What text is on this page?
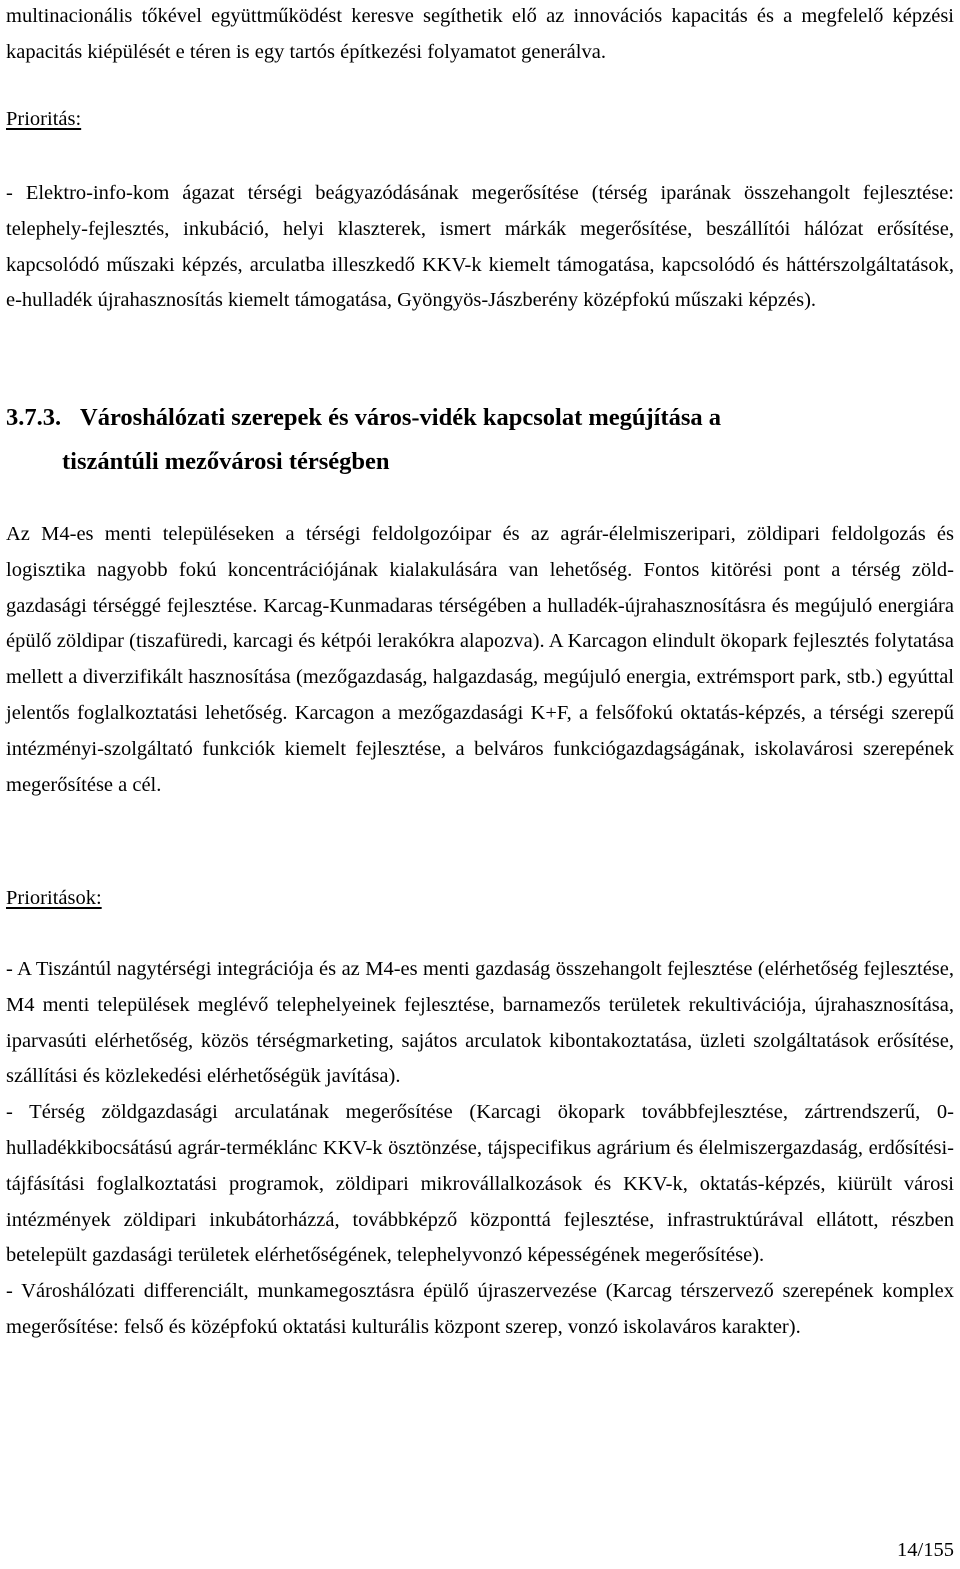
multinacionális tőkével együttműködést keresve segíthetik elő az innovációs kapacitás és a megfelelő képzési kapacitás kiépülését e téren is egy tartós építkezési folyamatot generálva.

Prioritás:

- Elektro-info-kom ágazat térségi beágyazódásának megerősítése (térség iparának összehangolt fejlesztése: telephely-fejlesztés, inkubáció, helyi klaszterek, ismert márkák megerősítése, beszállítói hálózat erősítése, kapcsolódó műszaki képzés, arculatba illeszkedő KKV-k kiemelt támogatása, kapcsolódó és háttérszolgáltatások, e-hulladék újrahasznosítás kiemelt támogatása, Gyöngyös-Jászberény középfokú műszaki képzés).

3.7.3. Városhálózati szerepek és város-vidék kapcsolat megújítása a
tiszántúli mezővárosi térségben

Az M4-es menti településeken a térségi feldolgozóipar és az agrár-élelmiszeripari, zöldipari feldolgozás és logisztika nagyobb fokú koncentrációjának kialakulására van lehetőség. Fontos kitörési pont a térség zöld-gazdasági térséggé fejlesztése. Karcag-Kunmadaras térségében a hulladék-újrahasznosításra és megújuló energiára épülő zöldipar (tiszafüredi, karcagi és kétpói lerakókra alapozva). A Karcagon elindult ökopark fejlesztés folytatása mellett a diverzifikált hasznosítása (mezőgazdaság, halgazdaság, megújuló energia, extrémsport park, stb.) egyúttal jelentős foglalkoztatási lehetőség. Karcagon a mezőgazdasági K+F, a felsőfokú oktatás-képzés, a térségi szerepű intézményi-szolgáltató funkciók kiemelt fejlesztése, a belváros funkciógazdagságának, iskolavárosi szerepének megerősítése a cél.

Prioritások:

- A Tiszántúl nagytérségi integrációja és az M4-es menti gazdaság összehangolt fejlesztése (elérhetőség fejlesztése, M4 menti települések meglévő telephelyeinek fejlesztése, barnamezős területek rekultivációja, újrahasznosítása, iparvasúti elérhetőség, közös térségmarketing, sajátos arculatok kibontakoztatása, üzleti szolgáltatások erősítése, szállítási és közlekedési elérhetőségük javítása).

- Térség zöldgazdasági arculatának megerősítése (Karcagi ökopark továbbfejlesztése, zártrendszerű, 0-hulladékkibocsátású agrár-terméklánc KKV-k ösztönzése, tájspecifikus agrárium és élelmiszergazdaság, erdősítési-tájfásítási foglalkoztatási programok, zöldipari mikrovállalkozások és KKV-k, oktatás-képzés, kiürült városi intézmények zöldipari inkubátorházzá, továbbképző központtá fejlesztése, infrastruktúrával ellátott, részben betelepült gazdasági területek elérhetőségének, telephelyvonzó képességének megerősítése).

- Városhálózati differenciált, munkamegosztásra épülő újraszervezése (Karcag térszervező szerepének komplex megerősítése: felső és középfokú oktatási kulturális központ szerep, vonzó iskolaváros karakter).

14/155
